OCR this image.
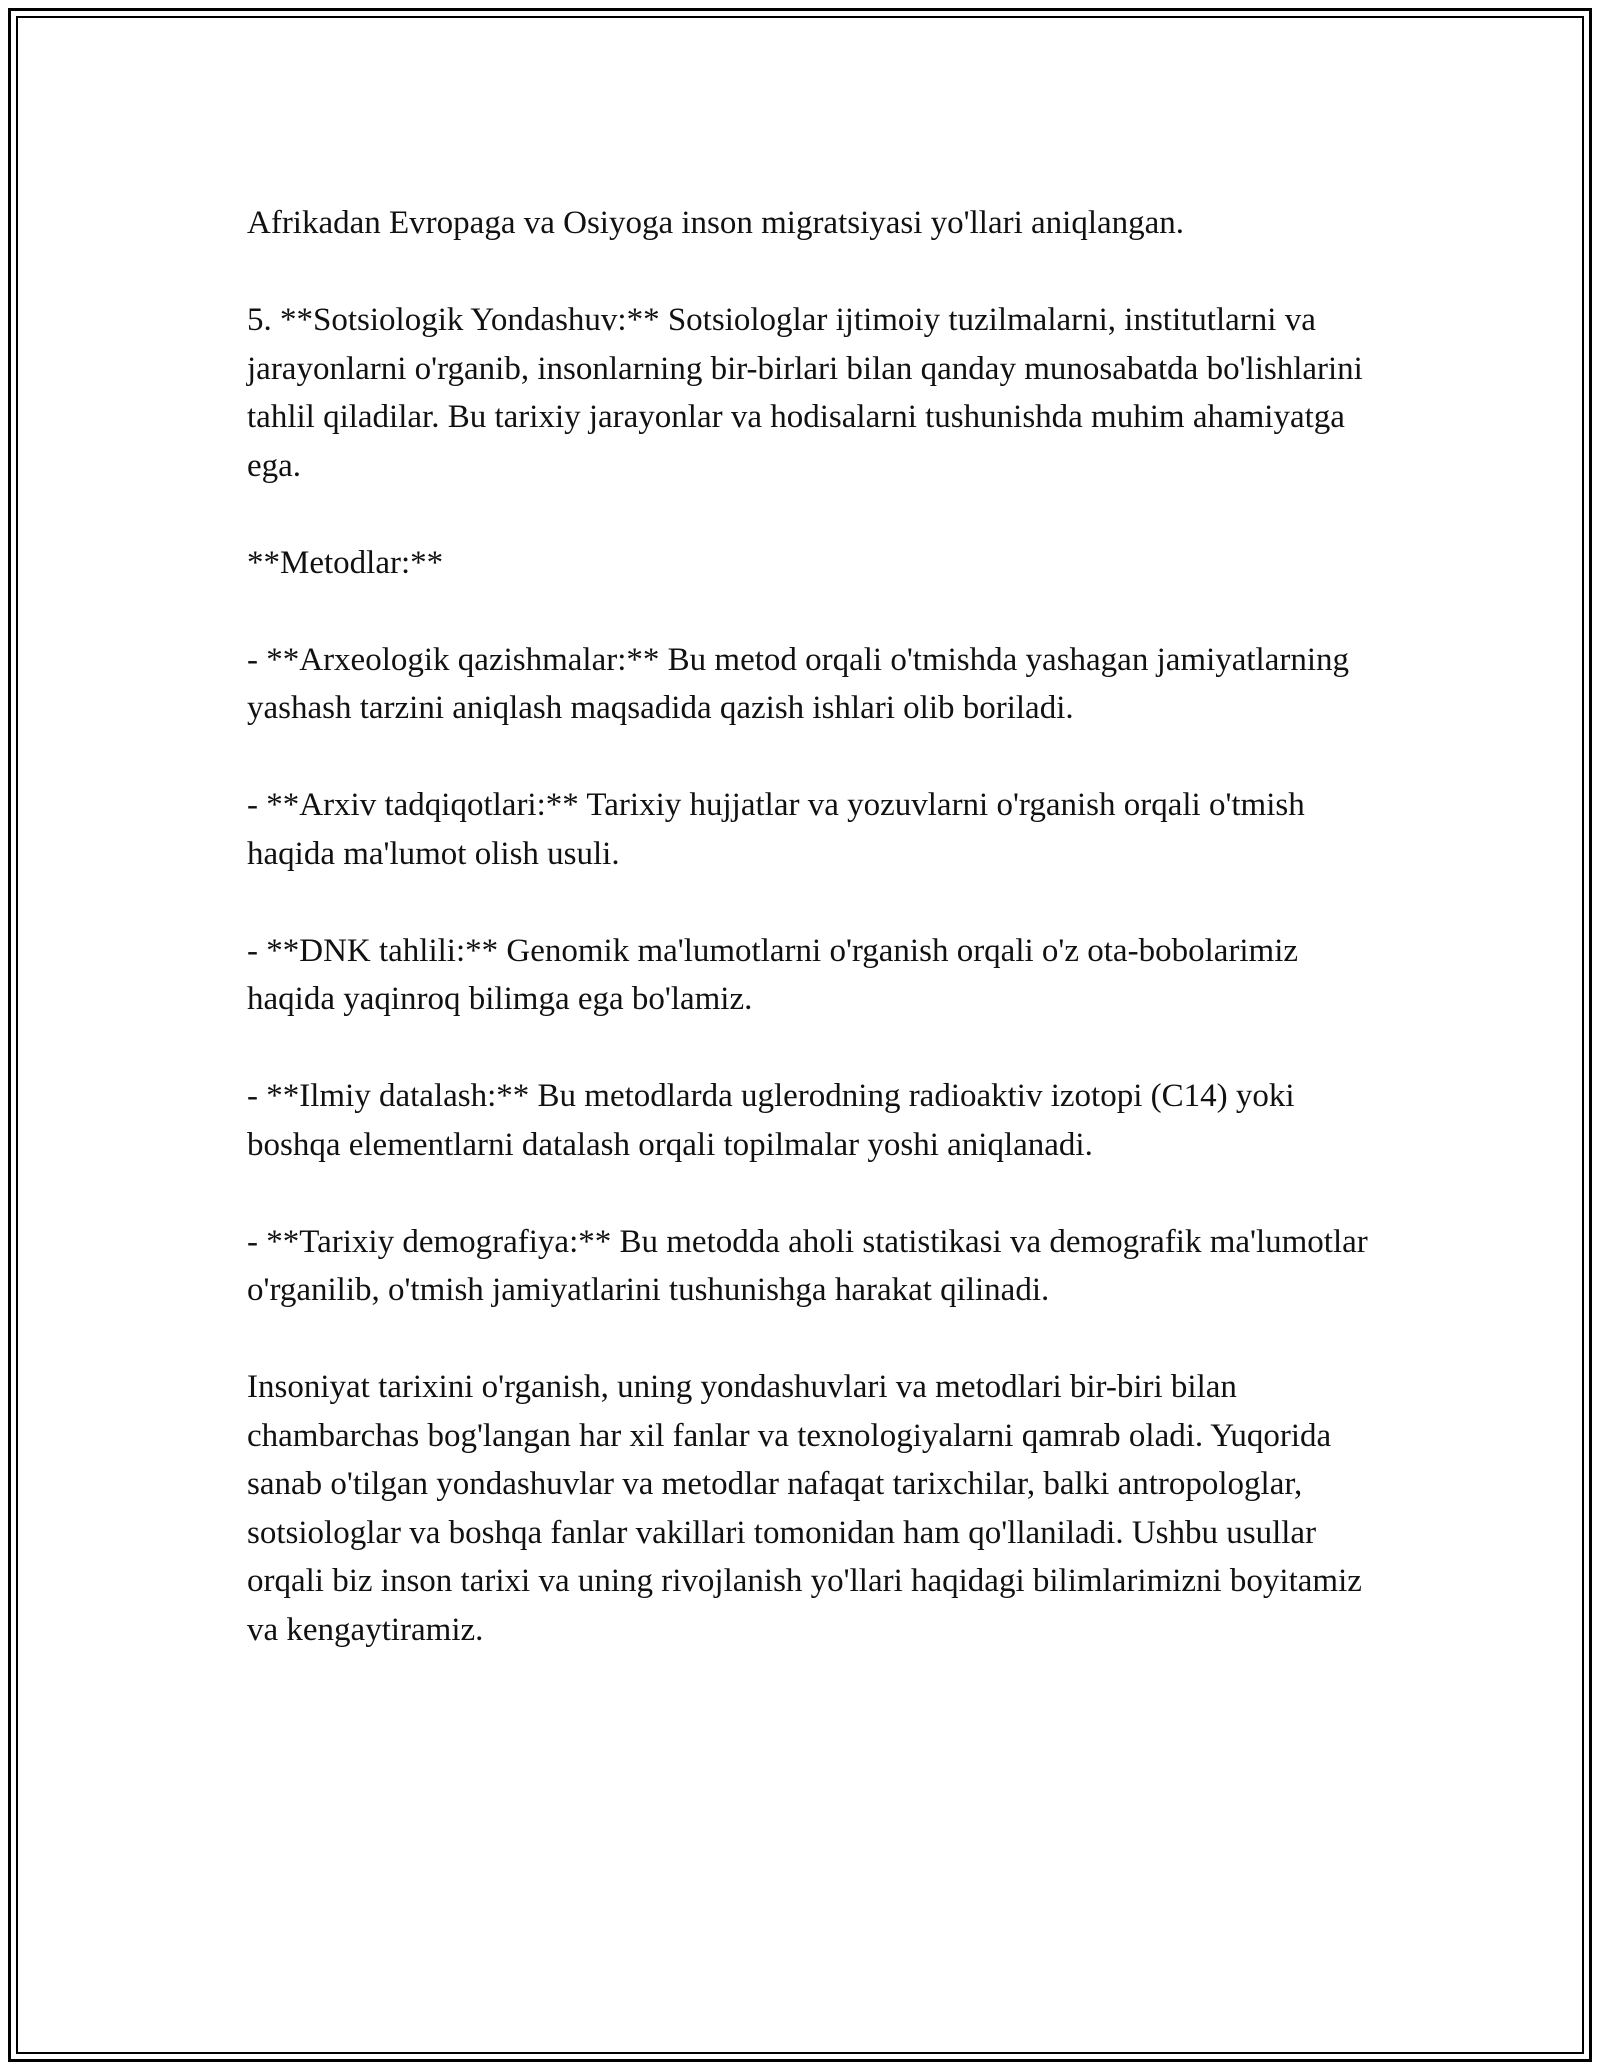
Afrikadan Evropaga va Osiyoga inson migratsiyasi yo'llari aniqlangan.

5. **Sotsiologik Yondashuv:** Sotsiologlar ijtimoiy tuzilmalarni, institutlarni va jarayonlarni o'rganib, insonlarning bir-birlari bilan qanday munosabatda bo'lishlarini tahlil qiladilar. Bu tarixiy jarayonlar va hodisalarni tushunishda muhim ahamiyatga ega.

**Metodlar:**

- **Arxeologik qazishmalar:** Bu metod orqali o'tmishda yashagan jamiyatlarning yashash tarzini aniqlash maqsadida qazish ishlari olib boriladi.

- **Arxiv tadqiqotlari:** Tarixiy hujjatlar va yozuvlarni o'rganish orqali o'tmish haqida ma'lumot olish usuli.

- **DNK tahlili:** Genomik ma'lumotlarni o'rganish orqali o'z ota-bobolarimiz haqida yaqinroq bilimga ega bo'lamiz.

- **Ilmiy datalash:** Bu metodlarda uglerodning radioaktiv izotopi (C14) yoki boshqa elementlarni datalash orqali topilmalar yoshi aniqlanadi.

- **Tarixiy demografiya:** Bu metodda aholi statistikasi va demografik ma'lumotlar o'rganilib, o'tmish jamiyatlarini tushunishga harakat qilinadi.

Insoniyat tarixini o'rganish, uning yondashuvlari va metodlari bir-biri bilan chambarchas bog'langan har xil fanlar va texnologiyalarni qamrab oladi. Yuqorida sanab o'tilgan yondashuvlar va metodlar nafaqat tarixchilar, balki antropologlar, sotsiologlar va boshqa fanlar vakillari tomonidan ham qo'llaniladi. Ushbu usullar orqali biz inson tarixi va uning rivojlanish yo'llari haqidagi bilimlarimizni boyitamiz va kengaytiramiz.
